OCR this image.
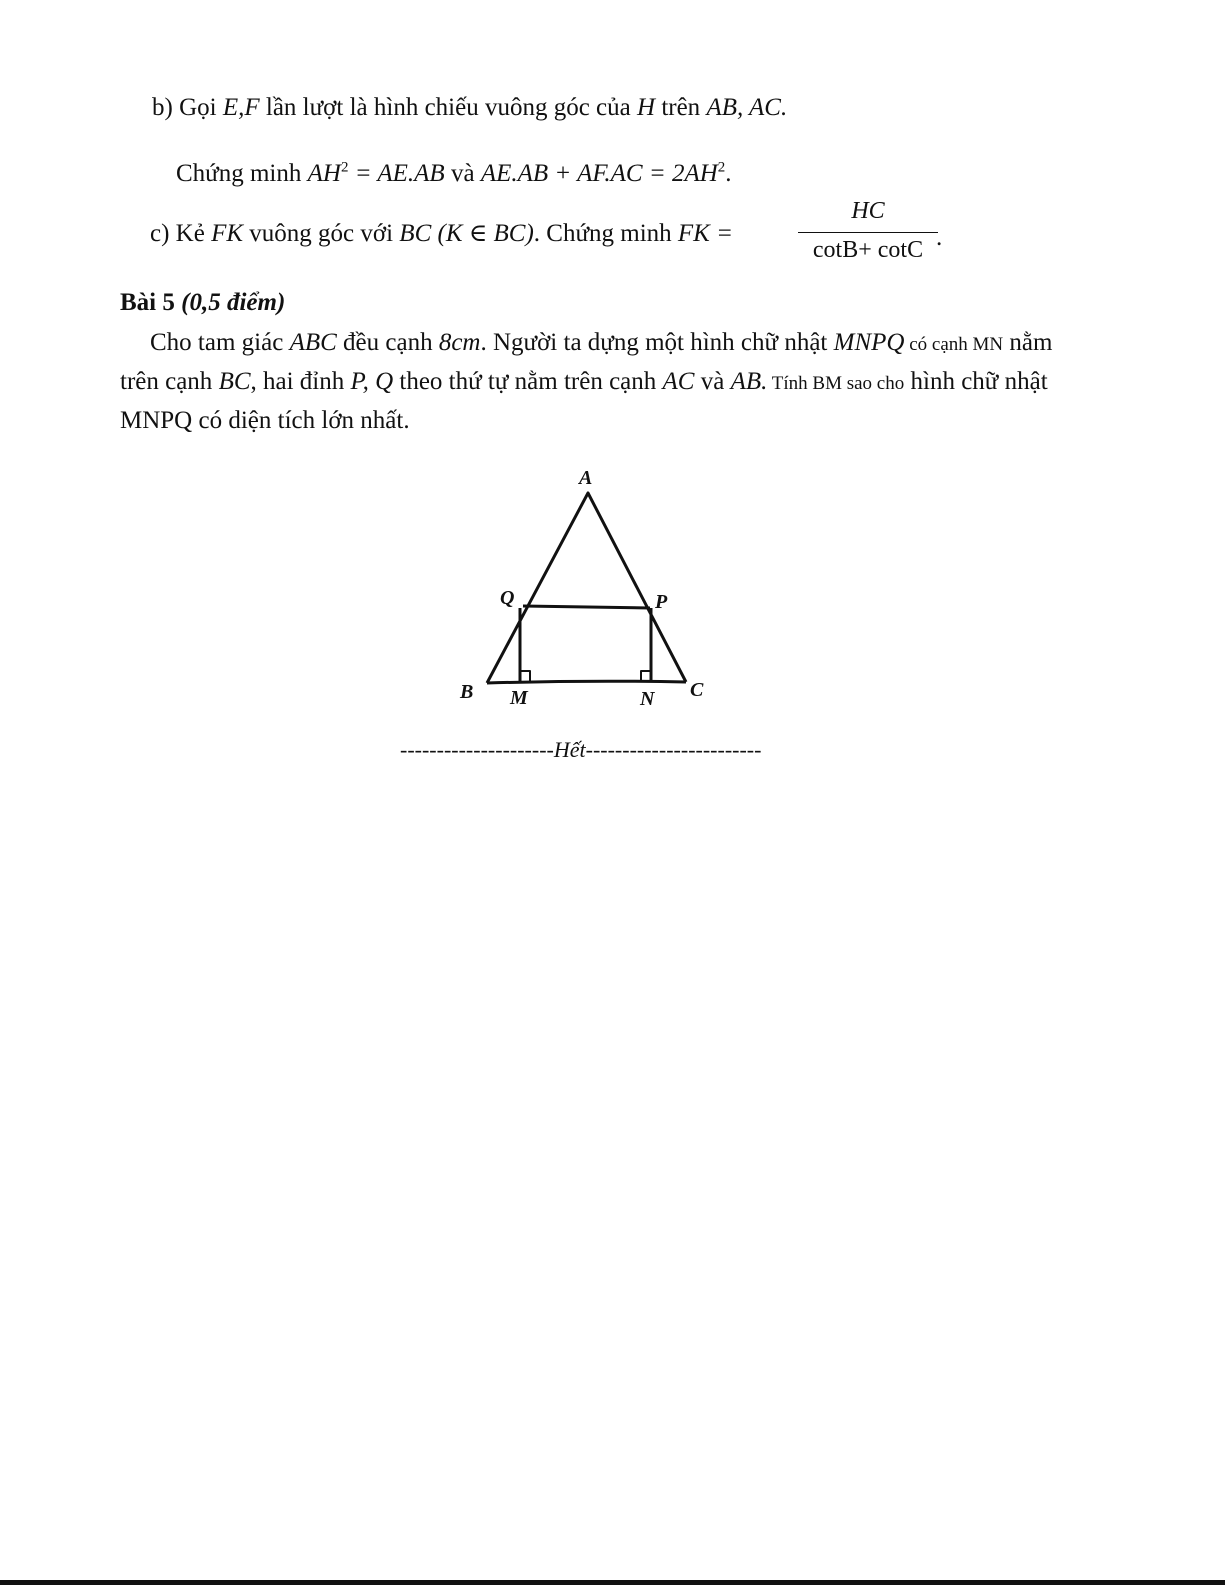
b) Gọi E,F lần lượt là hình chiếu vuông góc của H trên AB, AC.
Chứng minh $AH^2 = AE.AB$ và $AE.AB + AF.AC = 2AH^2$.
c) Kẻ FK vuông góc với BC (K ∈ BC). Chứng minh FK =
HC
cotB+ cotC .
Bài 5 (0,5 điểm)
Cho tam giác ABC đều cạnh 8cm. Người ta dựng một hình chữ nhật MNPQ có cạnh MN nằm trên cạnh BC, hai đỉnh P, Q theo thứ tự nằm trên cạnh AC và AB. Tính BM sao cho hình chữ nhật MNPQ có diện tích lớn nhất.
A
B	C
M	N
P
Q
---------------------Hết------------------------
